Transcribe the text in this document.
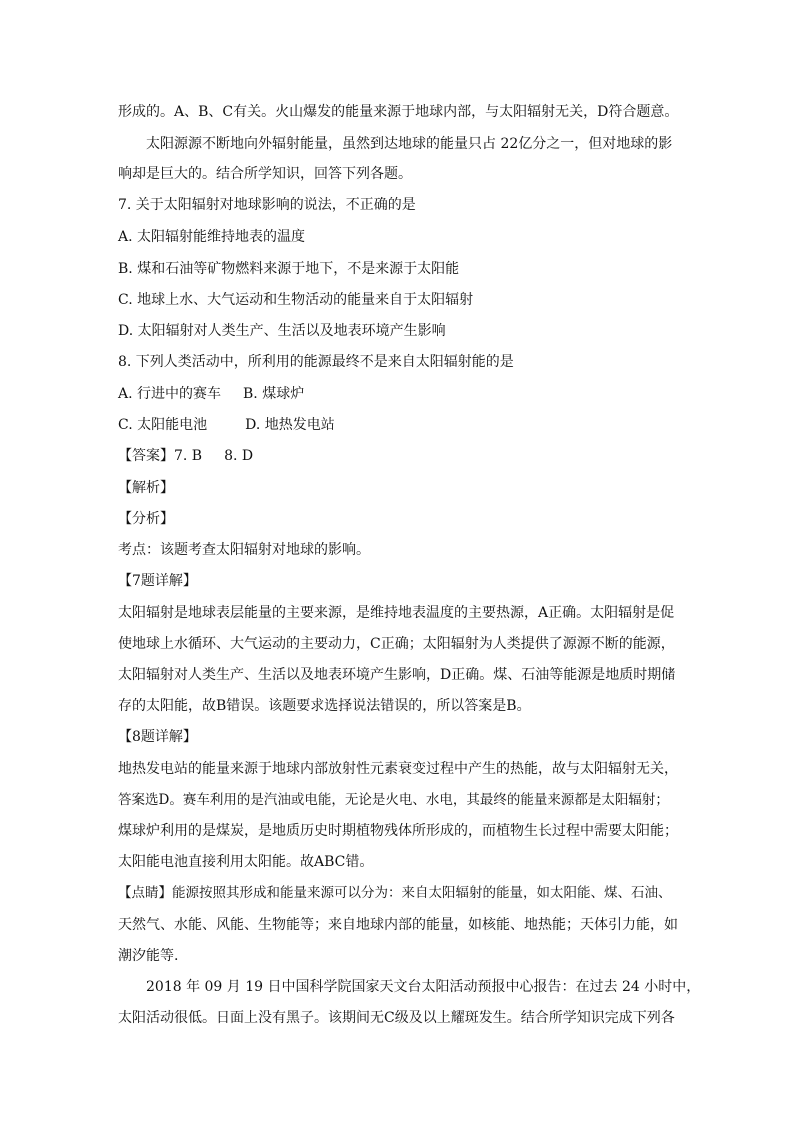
形成的。A、B、C有关。火山爆发的能量来源于地球内部，与太阳辐射无关，D符合题意。
太阳源源不断地向外辐射能量，虽然到达地球的能量只占 22亿分之一，但对地球的影
响却是巨大的。结合所学知识，回答下列各题。
7. 关于太阳辐射对地球影响的说法，不正确的是
A. 太阳辐射能维持地表的温度
B. 煤和石油等矿物燃料来源于地下，不是来源于太阳能
C. 地球上水、大气运动和生物活动的能量来自于太阳辐射
D. 太阳辐射对人类生产、生活以及地表环境产生影响
8. 下列人类活动中，所利用的能源最终不是来自太阳辐射能的是
A. 行进中的赛车 B. 煤球炉
C. 太阳能电池	D. 地热发电站
【答案】7. B 8. D
【解析】
【分析】
考点：该题考查太阳辐射对地球的影响。
【7题详解】
太阳辐射是地球表层能量的主要来源，是维持地表温度的主要热源，A正确。太阳辐射是促
使地球上水循环、大气运动的主要动力，C正确；太阳辐射为人类提供了源源不断的能源，
太阳辐射对人类生产、生活以及地表环境产生影响，D正确。煤、石油等能源是地质时期储
存的太阳能，故B错误。该题要求选择说法错误的，所以答案是B。
【8题详解】
地热发电站的能量来源于地球内部放射性元素衰变过程中产生的热能，故与太阳辐射无关，
答案选D。赛车利用的是汽油或电能，无论是火电、水电，其最终的能量来源都是太阳辐射；
煤球炉利用的是煤炭，是地质历史时期植物残体所形成的，而植物生长过程中需要太阳能；
太阳能电池直接利用太阳能。故ABC错。
【点睛】能源按照其形成和能量来源可以分为：来自太阳辐射的能量，如太阳能、煤、石油、
天然气、水能、风能、生物能等；来自地球内部的能量，如核能、地热能；天体引力能，如
潮汐能等.
2018 年 09 月 19 日中国科学院国家天文台太阳活动预报中心报告：在过去 24 小时中，
太阳活动很低。日面上没有黑子。该期间无C级及以上耀斑发生。结合所学知识完成下列各
